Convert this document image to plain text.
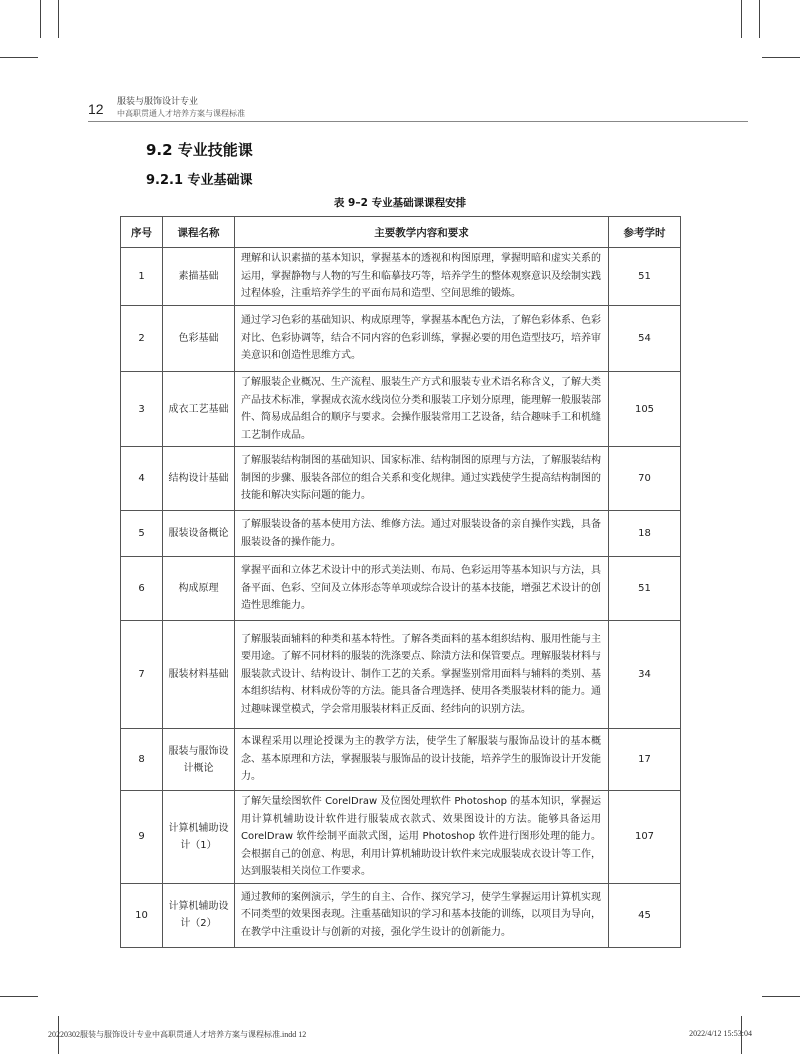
12 服装与服饰设计专业
中高职贯通人才培养方案与课程标准
9.2 专业技能课
9.2.1 专业基础课
表 9–2 专业基础课课程安排
序号	课程名称	主要教学内容和要求	参考学时
1	素描基础	理解和认识素描的基本知识，掌握基本的透视和构图原理，掌握明暗和虚实关系的运用，掌握静物与人物的写生和临摹技巧等，培养学生的整体观察意识及绘制实践过程体验，注重培养学生的平面布局和造型、空间思维的锻炼。	51
2	色彩基础	通过学习色彩的基础知识、构成原理等，掌握基本配色方法，了解色彩体系、色彩对比、色彩协调等，结合不同内容的色彩训练，掌握必要的用色造型技巧，培养审美意识和创造性思维方式。	54
3	成衣工艺基础	了解服装企业概况、生产流程、服装生产方式和服装专业术语名称含义，了解大类产品技术标准，掌握成衣流水线岗位分类和服装工序划分原理，能理解一般服装部件、简易成品组合的顺序与要求。会操作服装常用工艺设备，结合趣味手工和机缝工艺制作成品。	105
4	结构设计基础	了解服装结构制图的基础知识、国家标准、结构制图的原理与方法，了解服装结构制图的步骤、服装各部位的组合关系和变化规律。通过实践使学生提高结构制图的技能和解决实际问题的能力。	70
5	服装设备概论	了解服装设备的基本使用方法、维修方法。通过对服装设备的亲自操作实践，具备服装设备的操作能力。	18
6	构成原理	掌握平面和立体艺术设计中的形式美法则、布局、色彩运用等基本知识与方法，具备平面、色彩、空间及立体形态等单项或综合设计的基本技能，增强艺术设计的创造性思维能力。	51
7	服装材料基础	了解服装面辅料的种类和基本特性。了解各类面料的基本组织结构、服用性能与主要用途。了解不同材料的服装的洗涤要点、除渍方法和保管要点。理解服装材料与服装款式设计、结构设计、制作工艺的关系。掌握鉴别常用面料与辅料的类别、基本组织结构、材料成份等的方法。能具备合理选择、使用各类服装材料的能力。通过趣味课堂模式，学会常用服装材料正反面、经纬向的识别方法。	34
8	服装与服饰设计概论	本课程采用以理论授课为主的教学方法，使学生了解服装与服饰品设计的基本概念、基本原理和方法，掌握服装与服饰品的设计技能，培养学生的服饰设计开发能力。	17
9	计算机辅助设计（1）	了解矢量绘图软件 CorelDraw 及位图处理软件 Photoshop 的基本知识，掌握运用计算机辅助设计软件进行服装成衣款式、效果图设计的方法。能够具备运用 CorelDraw 软件绘制平面款式图，运用 Photoshop 软件进行图形处理的能力。会根据自己的创意、构思，利用计算机辅助设计软件来完成服装成衣设计等工作，达到服装相关岗位工作要求。	107
10	计算机辅助设计（2）	通过教师的案例演示，学生的自主、合作、探究学习，使学生掌握运用计算机实现不同类型的效果图表现。注重基础知识的学习和基本技能的训练，以项目为导向，在教学中注重设计与创新的对接，强化学生设计的创新能力。	45
20220302服装与服饰设计专业中高职贯通人才培养方案与课程标准.indd 12	2022/4/12 15:53:04
